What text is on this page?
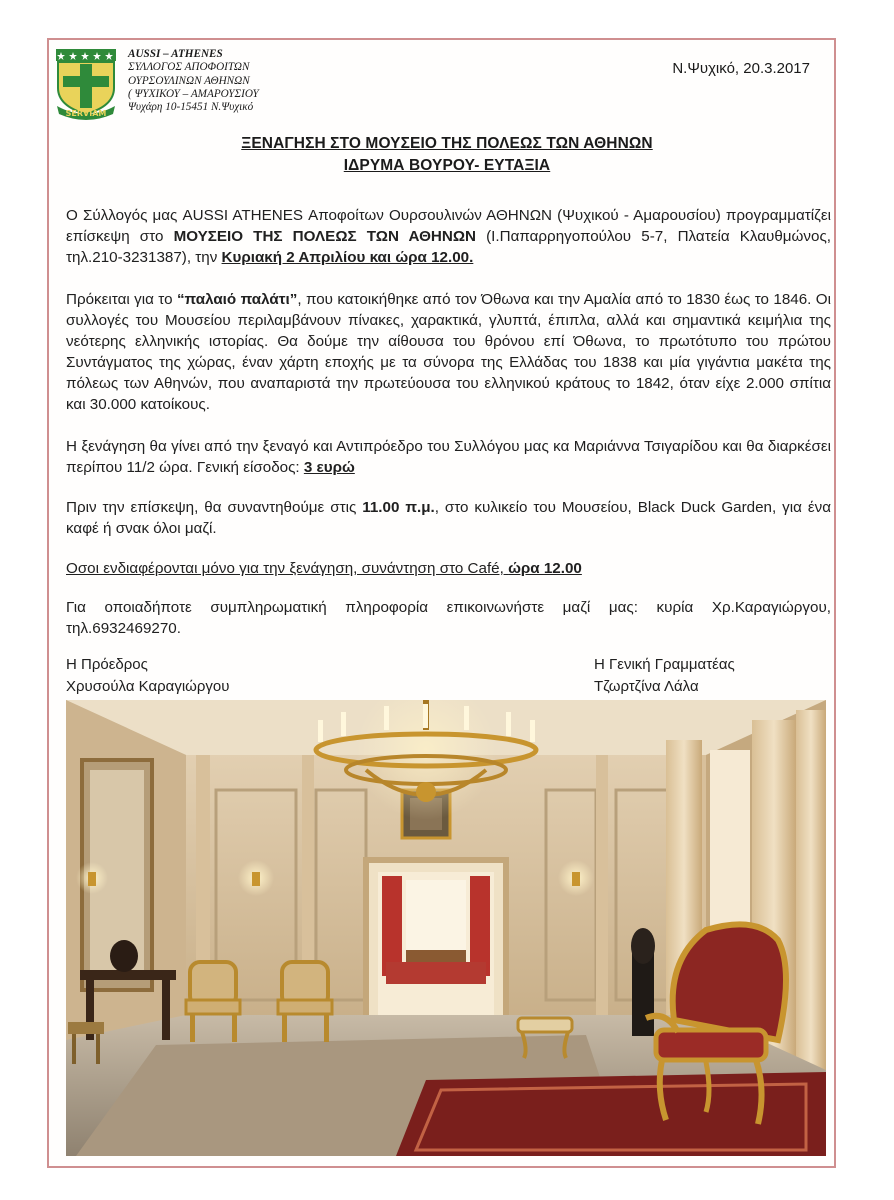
SERVIAM
AUSSI – ATHENES
ΣΥΛΛΟΓΟΣ ΑΠΟΦΟΙΤΩΝ
ΟΥΡΣΟΥΛΙΝΩΝ ΑΘΗΝΩΝ
( ΨΥΧΙΚΟΥ – ΑΜΑΡΟΥΣΙΟΥ
Ψυχάρη 10-15451 Ν.Ψυχικό
Ν.Ψυχικό, 20.3.2017
ΞΕΝΑΓΗΣΗ ΣΤΟ ΜΟΥΣΕΙΟ ΤΗΣ ΠΟΛΕΩΣ ΤΩΝ ΑΘΗΝΩΝ
ΙΔΡΥΜΑ ΒΟΥΡΟΥ- ΕΥΤΑΞΙΑ

Ο Σύλλογός μας AUSSI ATHENES Αποφοίτων Ουρσουλινών ΑΘΗΝΩΝ (Ψυχικού - Αμαρουσίου) προγραμματίζει επίσκεψη στο ΜΟΥΣΕΙΟ ΤΗΣ ΠΟΛΕΩΣ ΤΩΝ ΑΘΗΝΩΝ (Ι.Παπαρρηγοπούλου 5-7, Πλατεία Κλαυθμώνος, τηλ.210-3231387), την Κυριακή 2 Απριλίου και ώρα 12.00.

Πρόκειται για το “παλαιό παλάτι”, που κατοικήθηκε από τον Όθωνα και την Αμαλία από το 1830 έως το 1846. Οι συλλογές του Μουσείου περιλαμβάνουν πίνακες, χαρακτικά, γλυπτά, έπιπλα, αλλά και σημαντικά κειμήλια της νεότερης ελληνικής ιστορίας. Θα δούμε την αίθουσα του θρόνου επί Όθωνα, το πρωτότυπο του πρώτου Συντάγματος της χώρας, έναν χάρτη εποχής με τα σύνορα της Ελλάδας του 1838 και μία γιγάντια μακέτα της πόλεως των Αθηνών, που αναπαριστά την πρωτεύουσα του ελληνικού κράτους το 1842, όταν είχε 2.000 σπίτια και 30.000 κατοίκους.

Η ξενάγηση θα γίνει από την ξεναγό και Αντιπρόεδρο του Συλλόγου μας κα Μαριάννα Τσιγαρίδου και θα διαρκέσει περίπου 11/2 ώρα. Γενική είσοδος: 3 ευρώ

Πριν την επίσκεψη, θα συναντηθούμε στις 11.00 π.μ., στο κυλικείο του Μουσείου, Black Duck Garden, για ένα καφέ ή σνακ όλοι μαζί.

Οσοι ενδιαφέρονται μόνο για την ξενάγηση, συνάντηση στο Café, ώρα 12.00

Για οποιαδήποτε συμπληρωματική πληροφορία επικοινωνήστε μαζί μας: κυρία Χρ.Καραγιώργου, τηλ.6932469270.

Η Πρόεδρος
Χρυσούλα Καραγιώργου
Η Γενική Γραμματέας
Τζωρτζίνα Λάλα
